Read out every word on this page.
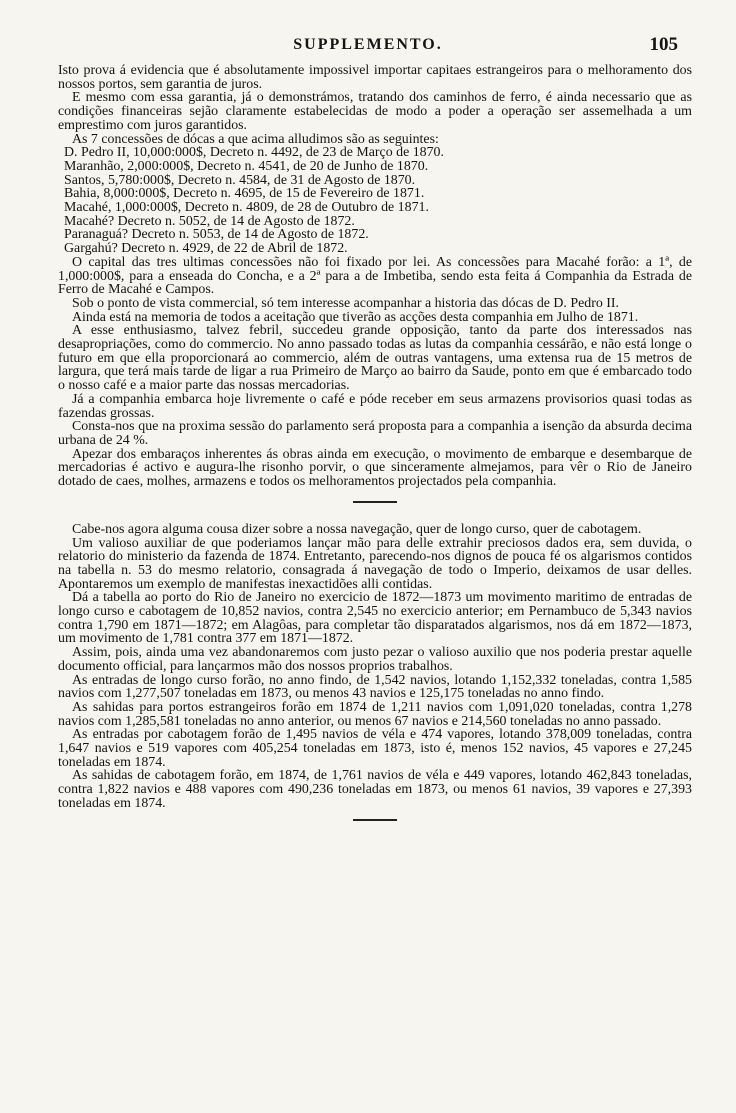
SUPPLEMENTO.	105

Isto prova á evidencia que é absolutamente impossivel importar capitaes estrangeiros para o melhoramento dos nossos portos, sem garantia de juros.

E mesmo com essa garantia, já o demonstrámos, tratando dos caminhos de ferro, é ainda necessario que as condições financeiras sejão claramente estabelecidas de modo a poder a operação ser assemelhada a um emprestimo com juros garantidos.

As 7 concessões de dócas a que acima alludimos são as seguintes:

D. Pedro II, 10,000:000$, Decreto n. 4492, de 23 de Março de 1870.
Maranhão, 2,000:000$, Decreto n. 4541, de 20 de Junho de 1870.
Santos, 5,780:000$, Decreto n. 4584, de 31 de Agosto de 1870.
Bahia, 8,000:000$, Decreto n. 4695, de 15 de Fevereiro de 1871.
Macahé, 1,000:000$, Decreto n. 4809, de 28 de Outubro de 1871.
Macahé? Decreto n. 5052, de 14 de Agosto de 1872.
Paranaguá? Decreto n. 5053, de 14 de Agosto de 1872.
Gargahú? Decreto n. 4929, de 22 de Abril de 1872.

O capital das tres ultimas concessões não foi fixado por lei. As concessões para Macahé forão: a 1ª, de 1,000:000$, para a enseada do Concha, e a 2ª para a de Imbetiba, sendo esta feita á Companhia da Estrada de Ferro de Macahé e Campos.

Sob o ponto de vista commercial, só tem interesse acompanhar a historia das dócas de D. Pedro II.

Ainda está na memoria de todos a aceitação que tiverão as acções desta companhia em Julho de 1871.

A esse enthusiasmo, talvez febril, succedeu grande opposição, tanto da parte dos interessados nas desapropriações, como do commercio. No anno passado todas as lutas da companhia cessárão, e não está longe o futuro em que ella proporcionará ao commercio, além de outras vantagens, uma extensa rua de 15 metros de largura, que terá mais tarde de ligar a rua Primeiro de Março ao bairro da Saude, ponto em que é embarcado todo o nosso café e a maior parte das nossas mercadorias.

Já a companhia embarca hoje livremente o café e póde receber em seus armazens provisorios quasi todas as fazendas grossas.

Consta-nos que na proxima sessão do parlamento será proposta para a companhia a isenção da absurda decima urbana de 24 %.

Apezar dos embaraços inherentes ás obras ainda em execução, o movimento de embarque e desembarque de mercadorias é activo e augura-lhe risonho porvir, o que sinceramente almejamos, para vêr o Rio de Janeiro dotado de caes, molhes, armazens e todos os melhoramentos projectados pela companhia.

Cabe-nos agora alguma cousa dizer sobre a nossa navegação, quer de longo curso, quer de cabotagem.

Um valioso auxiliar de que poderiamos lançar mão para delle extrahir preciosos dados era, sem duvida, o relatorio do ministerio da fazenda de 1874. Entretanto, parecendo-nos dignos de pouca fé os algarismos contidos na tabella n. 53 do mesmo relatorio, consagrada á navegação de todo o Imperio, deixamos de usar delles. Apontaremos um exemplo de manifestas inexactidões alli contidas.

Dá a tabella ao porto do Rio de Janeiro no exercicio de 1872—1873 um movimento maritimo de entradas de longo curso e cabotagem de 10,852 navios, contra 2,545 no exercicio anterior; em Pernambuco de 5,343 navios contra 1,790 em 1871—1872; em Alagôas, para completar tão disparatados algarismos, nos dá em 1872—1873, um movimento de 1,781 contra 377 em 1871—1872.

Assim, pois, ainda uma vez abandonaremos com justo pezar o valioso auxilio que nos poderia prestar aquelle documento official, para lançarmos mão dos nossos proprios trabalhos.

As entradas de longo curso forão, no anno findo, de 1,542 navios, lotando 1,152,332 toneladas, contra 1,585 navios com 1,277,507 toneladas em 1873, ou menos 43 navios e 125,175 toneladas no anno findo.

As sahidas para portos estrangeiros forão em 1874 de 1,211 navios com 1,091,020 toneladas, contra 1,278 navios com 1,285,581 toneladas no anno anterior, ou menos 67 navios e 214,560 toneladas no anno passado.

As entradas por cabotagem forão de 1,495 navios de véla e 474 vapores, lotando 378,009 toneladas, contra 1,647 navios e 519 vapores com 405,254 toneladas em 1873, isto é, menos 152 navios, 45 vapores e 27,245 toneladas em 1874.

As sahidas de cabotagem forão, em 1874, de 1,761 navios de véla e 449 vapores, lotando 462,843 toneladas, contra 1,822 navios e 488 vapores com 490,236 toneladas em 1873, ou menos 61 navios, 39 vapores e 27,393 toneladas em 1874.
